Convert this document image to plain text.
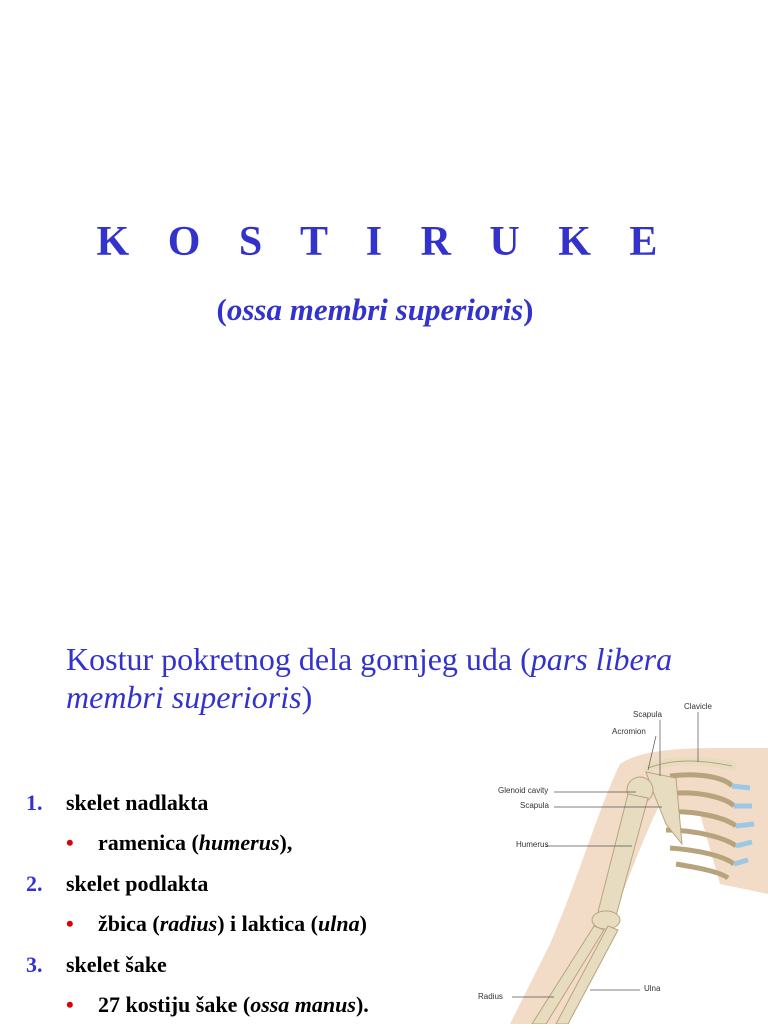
K O S T I R U K E

(ossa membri superioris)

Kostur pokretnog dela gornjeg uda (pars libera membri superioris)

1. skelet nadlakta
• ramenica (humerus),
2. skelet podlakta
• žbica (radius) i laktica (ulna)
3. skelet šake
• 27 kostiju šake (ossa manus).
Clavicle
Scapula
Acromion
Glenoid cavity
Scapula
Humerus
Ulna
Radius
